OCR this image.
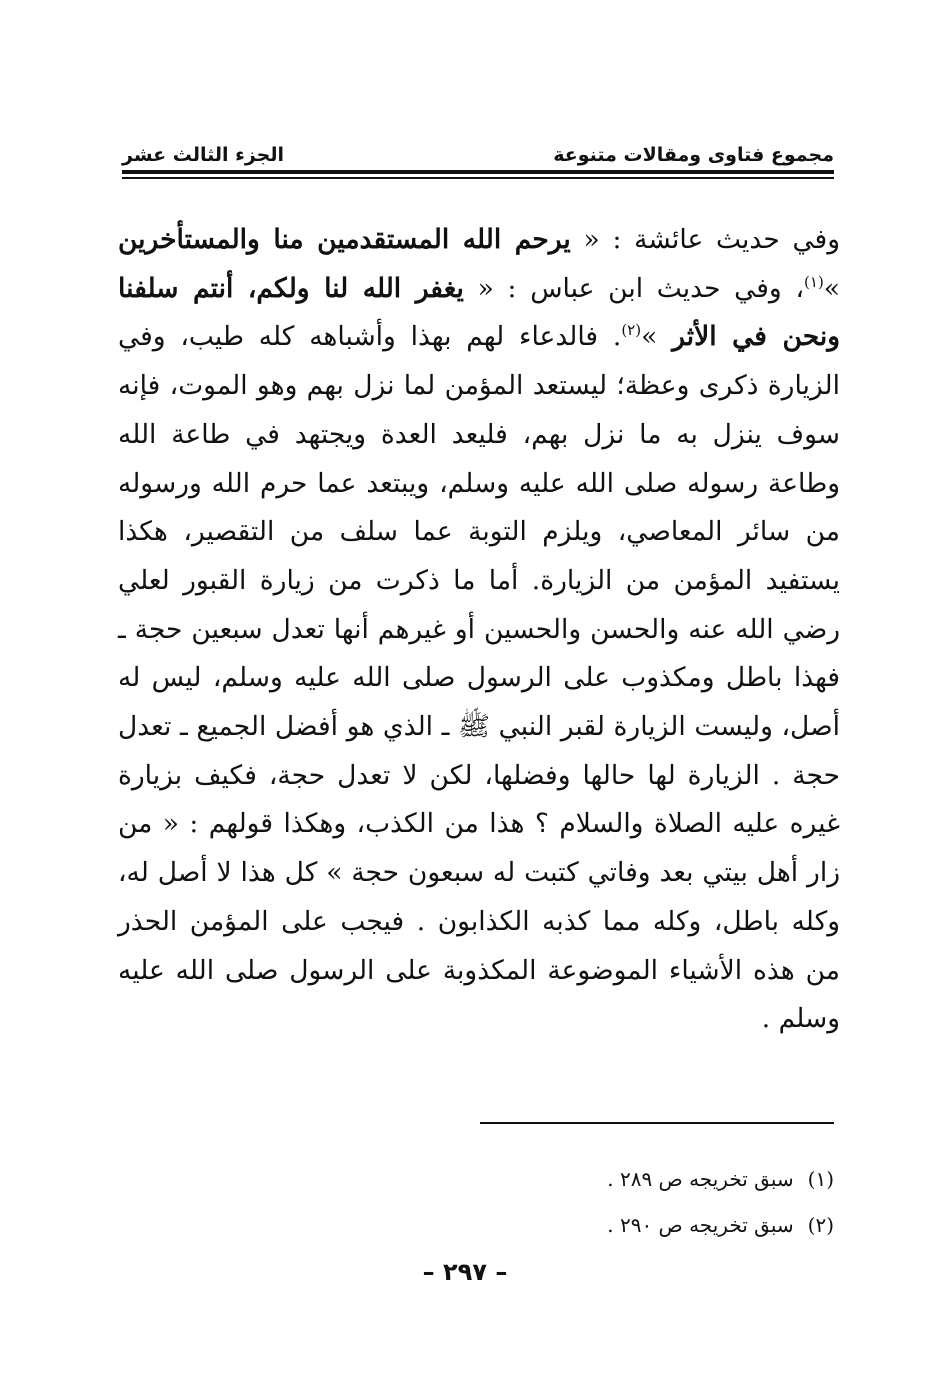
مجموع فتاوى ومقالات متنوعة
الجزء الثالث عشر
وفي حديث عائشة : « يرحم الله المستقدمين منا والمستأخرين »$^{(١)}$، وفي حديث ابن عباس : « يغفر الله لنا ولكم، أنتم سلفنا ونحن في الأثر »$^{(٢)}$. فالدعاء لهم بهذا وأشباهه كله طيب، وفي الزيارة ذكرى وعظة؛ ليستعد المؤمن لما نزل بهم وهو الموت، فإنه سوف ينزل به ما نزل بهم، فليعد العدة ويجتهد في طاعة الله وطاعة رسوله صلى الله عليه وسلم، ويبتعد عما حرم الله ورسوله من سائر المعاصي، ويلزم التوبة عما سلف من التقصير، هكذا يستفيد المؤمن من الزيارة. أما ما ذكرت من زيارة القبور لعلي رضي الله عنه والحسن والحسين أو غيرهم أنها تعدل سبعين حجة ـ فهذا باطل ومكذوب على الرسول صلى الله عليه وسلم، ليس له أصل، وليست الزيارة لقبر النبي ﷺ ـ الذي هو أفضل الجميع ـ تعدل حجة . الزيارة لها حالها وفضلها، لكن لا تعدل حجة، فكيف بزيارة غيره عليه الصلاة والسلام ؟ هذا من الكذب، وهكذا قولهم : « من زار أهل بيتي بعد وفاتي كتبت له سبعون حجة » كل هذا لا أصل له، وكله باطل، وكله مما كذبه الكذابون . فيجب على المؤمن الحذر من هذه الأشياء الموضوعة المكذوبة على الرسول صلى الله عليه وسلم .
(١)سبق تخريجه ص ٢٨٩ .
(٢)سبق تخريجه ص ٢٩٠ .
– ٢٩٧ –
